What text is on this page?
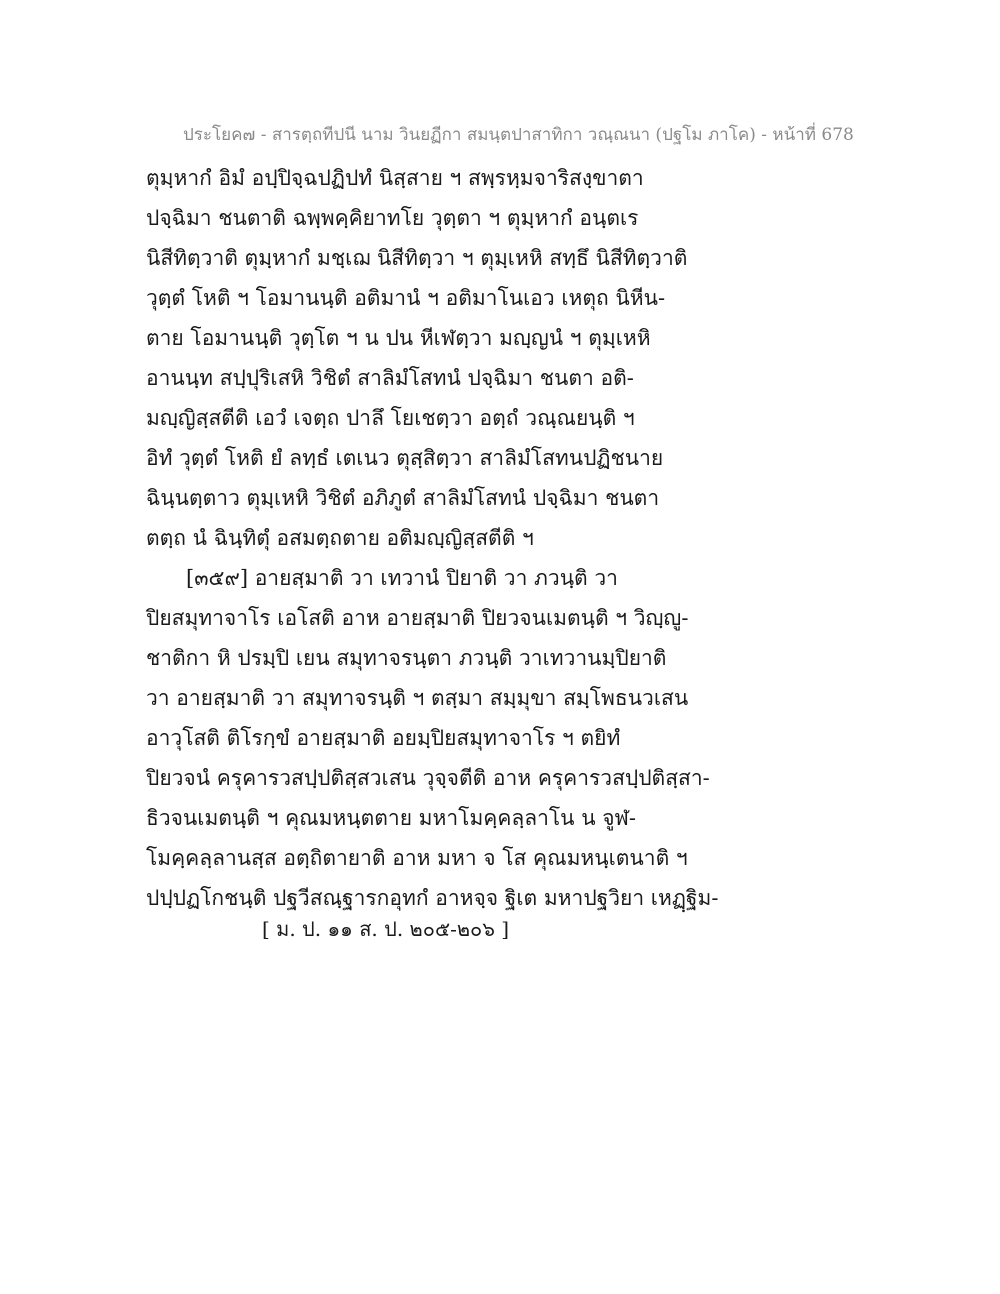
ประโยค๗ - สารตฺถทีปนี นาม วินยฏีกา สมนฺตปาสาทิกา วณฺณนา (ปฐโม ภาโค) - หน้าที่ 678
ตุมฺหากํ อิมํ อปฺปิจฺฉปฏิปทํ นิสฺสาย ฯ สพฺรหฺมจาริสงฺขาตา
ปจฺฉิมา ชนตาติ ฉพฺพคฺคิยาทโย วุตฺตา ฯ ตุมฺหากํ อนฺตเร
นิสีทิตฺวาติ ตุมฺหากํ มชฺเฌ นิสีทิตฺวา ฯ ตุมฺเหหิ สทฺธึ นิสีทิตฺวาติ
วุตฺตํ โหติ ฯ โอมานนฺติ อติมานํ ฯ อติมาโนเอว เหตุถ นิหีน-
ตาย โอมานนฺติ วุตฺโต ฯ น ปน หีเฬตฺวา มญฺญนํ ฯ ตุมฺเหหิ
อานนฺท สปฺปุริเสหิ วิชิตํ สาลิมํโสทนํ ปจฺฉิมา ชนตา อติ-
มญฺญิสฺสตีติ เอวํ เจตฺถ ปาลึ โยเชตฺวา อตฺถํ วณฺณยนฺติ ฯ
อิทํ วุตฺตํ โหติ ยํ ลทฺธํ เตเนว ตุสฺสิตฺวา สาลิมํโสทนปฏิชนาย
ฉินฺนตฺตาว ตุมฺเหหิ วิชิตํ อภิภูตํ สาลิมํโสทนํ ปจฺฉิมา ชนตา
ตตฺถ นํ ฉินฺทิตุํ อสมตฺถตาย อติมญฺญิสฺสตีติ ฯ
[๓๕๙] อายสฺมาติ วา เทวานํ ปิยาติ วา ภวนฺติ วา
ปิยสมุทาจาโร เอโสติ อาห อายสฺมาติ ปิยวจนเมตนฺติ ฯ วิญฺญู-
ชาติกา หิ ปรมฺปิ เยน สมุทาจรนฺตา ภวนฺติ วาเทวานมฺปิยาติ
วา อายสฺมาติ วา สมุทาจรนฺติ ฯ ตสฺมา สมฺมุขา สมฺโพธนวเสน
อาวุโสติ ติโรกฺขํ อายสฺมาติ อยมฺปิยสมุทาจาโร ฯ ตยิทํ
ปิยวจนํ ครุคารวสปฺปติสฺสวเสน วุจฺจตีติ อาห ครุคารวสปฺปติสฺสา-
ธิวจนเมตนฺติ ฯ คุณมหนฺตตาย มหาโมคฺคลฺลาโน น จูฬ-
โมคฺคลฺลานสฺส อตฺถิตายาติ อาห มหา จ โส คุณมหนฺเตนาติ ฯ
ปปฺปฏโกชนฺติ ปฐวีสณฺฐารกอุทกํ อาหจฺจ ฐิเต มหาปฐวิยา เหฏฺฐิม-
[ ม. ป. ๑๑ ส. ป. ๒๐๕-๒๐๖ ]
